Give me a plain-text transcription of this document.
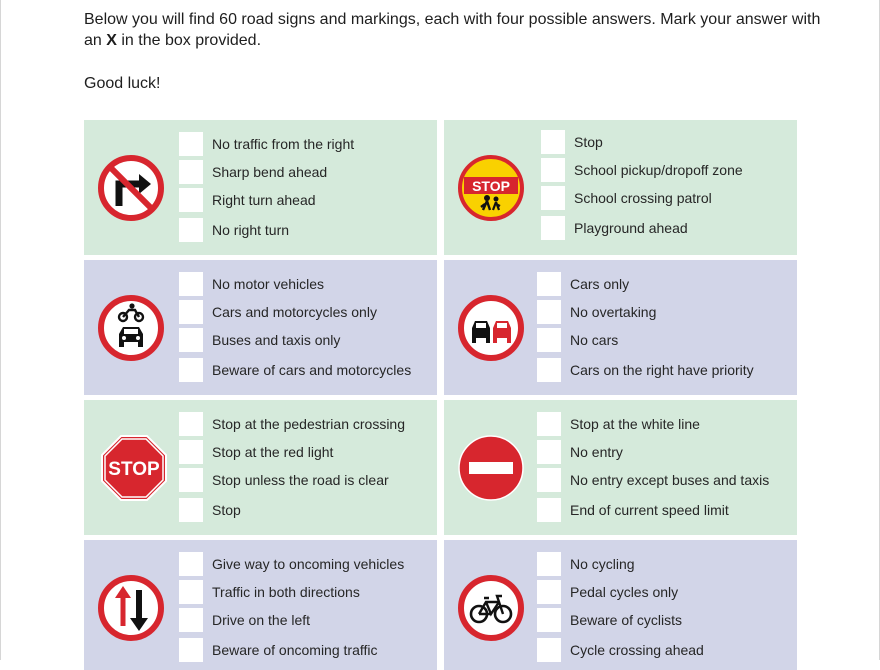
Below you will find 60 road signs and markings, each with four possible answers. Mark your answer with an X in the box provided.
Good luck!
No traffic from the right
Sharp bend ahead
Right turn ahead
No right turn
STOP
Stop
School pickup/dropoff zone
School crossing patrol
Playground ahead
No motor vehicles
Cars and motorcycles only
Buses and taxis only
Beware of cars and motorcycles
Cars only
No overtaking
No cars
Cars on the right have priority
STOP
Stop at the pedestrian crossing
Stop at the red light
Stop unless the road is clear
Stop
Stop at the white line
No entry
No entry except buses and taxis
End of current speed limit
Give way to oncoming vehicles
Traffic in both directions
Drive on the left
Beware of oncoming traffic
No cycling
Pedal cycles only
Beware of cyclists
Cycle crossing ahead
